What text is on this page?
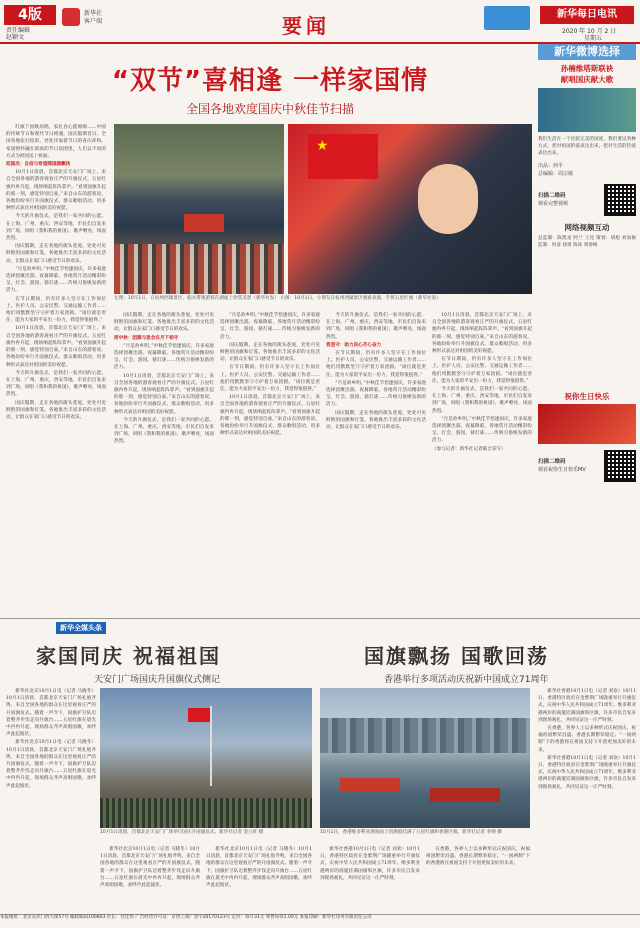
4版
责任编辑
赵颖文
新华社
客户端	要闻	新华每日电讯
2020 年 10 月 2 日
星期五
“双节”喜相逢 一样家国情
全国各地欢度国庆中秋佳节扫描

红旗下国歌高唱，家礼卷心愿绵绵……中国的传统节日和现代节日相遇，国庆假期首日，全国各地张灯结彩，处处洋溢着节日的喜庆祥和。家国情怀融在浓浓的节日氛围里，人们以不同的方式为祖国送上祝福。

迎国庆：自信与希望随国旗飘扬

10月1日清晨，首都北京天安门广场上，来自全国各地的游客观看庄严的升旗仪式。五星红旗冉冉升起，现场响起阵阵掌声。“看到国旗升起的那一刻，感觉特别自豪。”来自山东的游客说。各地纷纷举行升国旗仪式、群众歌唱活动，用多种形式表达对祖国的美好祝愿。

今天的升旗仪式，是我们一家共同的心愿。在上海、广州、重庆、西安等地，市民们自发来到广场，同唱《我和我的祖国》，歌声嘹亮，场面热烈。

国庆假期，走在各地的街头巷尾，处处可见鲜艳的国旗和灯笼。各地推出丰富多彩的文化活动，让群众在家门口感受节日的欢乐。

“月是故乡明。”中秋佳节恰逢国庆，许多家庭选择团聚出游。夜幕降临，各地赏月活动精彩纷呈，灯会、游园、猜灯谜……传统习俗焕发新的活力。

在节日期间，仍有许多人坚守在工作岗位上。医护人员、公安民警、交通运输工作者……他们用默默坚守守护着万家团圆。“岗位就是责任，能为大家的平安出一份力，我觉得很值得。”

10月1日清晨，首都北京天安门广场上，来自全国各地的游客观看庄严的升旗仪式。五星红旗冉冉升起，现场响起阵阵掌声。“看到国旗升起的那一刻，感觉特别自豪。”来自山东的游客说。各地纷纷举行升国旗仪式、群众歌唱活动，用多种形式表达对祖国的美好祝愿。

今天的升旗仪式，是我们一家共同的心愿。在上海、广州、重庆、西安等地，市民们自发来到广场，同唱《我和我的祖国》，歌声嘹亮，场面热烈。

国庆假期，走在各地的街头巷尾，处处可见鲜艳的国旗和灯笼。各地推出丰富多彩的文化活动，让群众在家门口感受节日的欢乐。

★
左图：10月1日，在杭州西湖景区，船夫带领游客在湖面上欣赏美景（新华社发） 右图：10月1日，小朋友在杭州西湖景区观看表演，手挥五星红旗（新华社发）

国庆假期，走在各地的街头巷尾，处处可见鲜艳的国旗和灯笼。各地推出丰富多彩的文化活动，让群众在家门口感受节日的欢乐。

度中秋：团圆与思念在月下相守

“月是故乡明。”中秋佳节恰逢国庆，许多家庭选择团聚出游。夜幕降临，各地赏月活动精彩纷呈，灯会、游园、猜灯谜……传统习俗焕发新的活力。

10月1日清晨，首都北京天安门广场上，来自全国各地的游客观看庄严的升旗仪式。五星红旗冉冉升起，现场响起阵阵掌声。“看到国旗升起的那一刻，感觉特别自豪。”来自山东的游客说。各地纷纷举行升国旗仪式、群众歌唱活动，用多种形式表达对祖国的美好祝愿。

今天的升旗仪式，是我们一家共同的心愿。在上海、广州、重庆、西安等地，市民们自发来到广场，同唱《我和我的祖国》，歌声嘹亮，场面热烈。

“月是故乡明。”中秋佳节恰逢国庆，许多家庭选择团聚出游。夜幕降临，各地赏月活动精彩纷呈，灯会、游园、猜灯谜……传统习俗焕发新的活力。

国庆假期，走在各地的街头巷尾，处处可见鲜艳的国旗和灯笼。各地推出丰富多彩的文化活动，让群众在家门口感受节日的欢乐。

在节日期间，仍有许多人坚守在工作岗位上。医护人员、公安民警、交通运输工作者……他们用默默坚守守护着万家团圆。“岗位就是责任，能为大家的平安出一份力，我觉得很值得。”

10月1日清晨，首都北京天安门广场上，来自全国各地的游客观看庄严的升旗仪式。五星红旗冉冉升起，现场响起阵阵掌声。“看到国旗升起的那一刻，感觉特别自豪。”来自山东的游客说。各地纷纷举行升国旗仪式、群众歌唱活动，用多种形式表达对祖国的美好祝愿。

今天的升旗仪式，是我们一家共同的心愿。在上海、广州、重庆、西安等地，市民们自发来到广场，同唱《我和我的祖国》，歌声嘹亮，场面热烈。

我坚守：助力民心齐心奋力

在节日期间，仍有许多人坚守在工作岗位上。医护人员、公安民警、交通运输工作者……他们用默默坚守守护着万家团圆。“岗位就是责任，能为大家的平安出一份力，我觉得很值得。”

“月是故乡明。”中秋佳节恰逢国庆，许多家庭选择团聚出游。夜幕降临，各地赏月活动精彩纷呈，灯会、游园、猜灯谜……传统习俗焕发新的活力。

国庆假期，走在各地的街头巷尾，处处可见鲜艳的国旗和灯笼。各地推出丰富多彩的文化活动，让群众在家门口感受节日的欢乐。

10月1日清晨，首都北京天安门广场上，来自全国各地的游客观看庄严的升旗仪式。五星红旗冉冉升起，现场响起阵阵掌声。“看到国旗升起的那一刻，感觉特别自豪。”来自山东的游客说。各地纷纷举行升国旗仪式、群众歌唱活动，用多种形式表达对祖国的美好祝愿。

在节日期间，仍有许多人坚守在工作岗位上。医护人员、公安民警、交通运输工作者……他们用默默坚守守护着万家团圆。“岗位就是责任，能为大家的平安出一份力，我觉得很值得。”

今天的升旗仪式，是我们一家共同的心愿。在上海、广州、重庆、西安等地，市民们自发来到广场，同唱《我和我的祖国》，歌声嘹亮，场面热烈。

“月是故乡明。”中秋佳节恰逢国庆，许多家庭选择团聚出游。夜幕降临，各地赏月活动精彩纷呈，灯会、游园、猜灯谜……传统习俗焕发新的活力。

（参与记者：新华社记者联合采写）

新华微博选择
孙楠维塔斯联袂
献唱国庆献大歌
我们生活在一个比较完美的国度，我们要以各种方式，把对祖国的爱表达出来，把对生活的热爱表达出来。
出品：何平
总编辑：周宗敏
扫描二维码
观看完整视频
网络视频互动
总监制：陈凯星 阿兰 王昆 策划：胡旭 刘加俊 监制：何彦 徐勇 陈冰 周春梅
祝你生日快乐
扫描二维码
观看祝你生日快乐MV
新华全媒头条
家国同庆 祝福祖国
天安门广场国庆升国旗仪式侧记
国旗飘扬 国歌回荡
香港举行多项活动庆祝新中国成立71周年

新华社北京10月1日电（记者 马晓冬）10月1日清晨，首都北京天安门广场礼炮齐鸣，来自全国各地的群众在这里观看庄严的升国旗仪式。随着一声令下，国旗护卫队迈着整齐步伐走向升旗台……五星红旗在晨光中冉冉升起，现场群众齐声高唱国歌，欢呼声此起彼伏。

新华社北京10月1日电（记者 马晓冬）10月1日清晨，首都北京天安门广场礼炮齐鸣，来自全国各地的群众在这里观看庄严的升国旗仪式。随着一声令下，国旗护卫队迈着整齐步伐走向升旗台……五星红旗在晨光中冉冉升起，现场群众齐声高唱国歌，欢呼声此起彼伏。

10月1日清晨，首都北京天安门广场举行国庆升国旗仪式。新华社记者 金立旺 摄

新华社北京10月1日电（记者 马晓冬）10月1日清晨，首都北京天安门广场礼炮齐鸣，来自全国各地的群众在这里观看庄严的升国旗仪式。随着一声令下，国旗护卫队迈着整齐步伐走向升旗台……五星红旗在晨光中冉冉升起，现场群众齐声高唱国歌，欢呼声此起彼伏。

新华社北京10月1日电（记者 马晓冬）10月1日清晨，首都北京天安门广场礼炮齐鸣，来自全国各地的群众在这里观看庄严的升国旗仪式。随着一声令下，国旗护卫队迈着整齐步伐走向升旗台……五星红旗在晨光中冉冉升起，现场群众齐声高唱国歌，欢呼声此起彼伏。

10月1日，香港维多利亚港海面上的渔船挂满了五星红旗和香港区旗。新华社记者 李钢 摄

新华社香港10月1日电（记者 刘欢）10月1日，香港特区政府在金紫荆广场隆重举行升旗仪式，庆祝中华人民共和国成立71周年。维多利亚港两岸的商厦挂满国旗和区旗，许多市民自发来到现场观礼，共同见证这一庄严时刻。

在香港，各界人士以多种形式庆祝国庆，祝福祖国繁荣昌盛、香港长期繁荣稳定。“一国两制”下的香港将在祖国支持下开创更加美好的未来。

新华社香港10月1日电（记者 刘欢）10月1日，香港特区政府在金紫荆广场隆重举行升旗仪式，庆祝中华人民共和国成立71周年。维多利亚港两岸的商厦挂满国旗和区旗，许多市民自发来到现场观礼，共同见证这一庄严时刻。

在香港，各界人士以多种形式庆祝国庆，祝福祖国繁荣昌盛、香港长期繁荣稳定。“一国两制”下的香港将在祖国支持下开创更加美好的未来。

新华社香港10月1日电（记者 刘欢）10月1日，香港特区政府在金紫荆广场隆重举行升旗仪式，庆祝中华人民共和国成立71周年。维多利亚港两岸的商厦挂满国旗和区旗，许多市民自发来到现场观礼，共同见证这一庄严时刻。

本报地址：北京宣武门西大街57号 邮政编码100803 社长：付佳伟 广告经营许可证：京西工商广登字20170123号 定价：每月31元 零售每份1.00元 本报印刷：新华社印务有限责任公司
